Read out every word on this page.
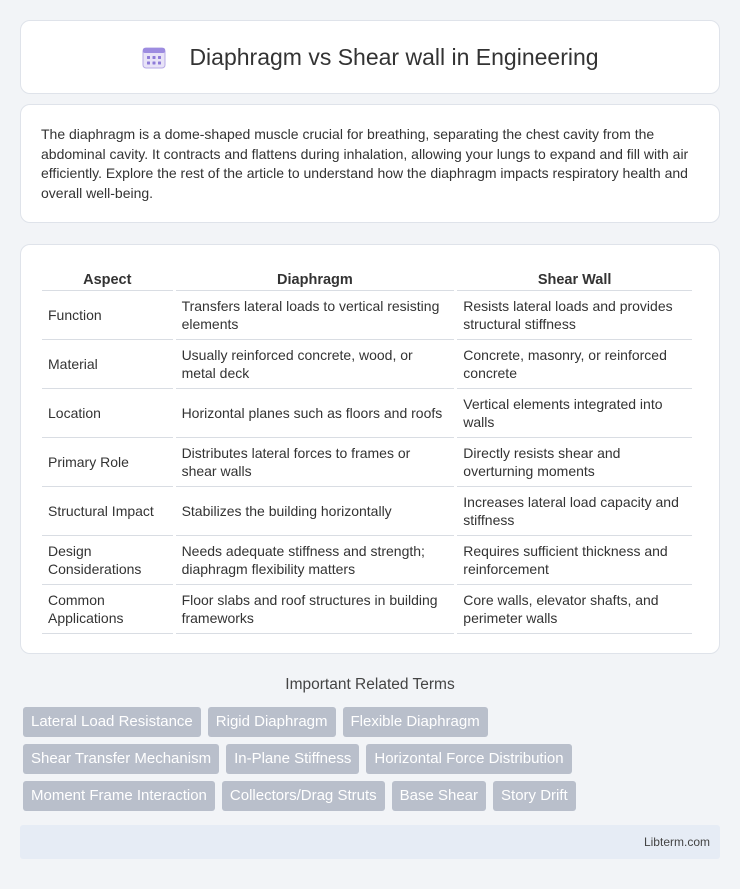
Diaphragm vs Shear wall in Engineering

The diaphragm is a dome-shaped muscle crucial for breathing, separating the chest cavity from the abdominal cavity. It contracts and flattens during inhalation, allowing your lungs to expand and fill with air efficiently. Explore the rest of the article to understand how the diaphragm impacts respiratory health and overall well-being.

Aspect	Diaphragm	Shear Wall
Function	Transfers lateral loads to vertical resisting elements	Resists lateral loads and provides structural stiffness
Material	Usually reinforced concrete, wood, or metal deck	Concrete, masonry, or reinforced concrete
Location	Horizontal planes such as floors and roofs	Vertical elements integrated into walls
Primary Role	Distributes lateral forces to frames or shear walls	Directly resists shear and overturning moments
Structural Impact	Stabilizes the building horizontally	Increases lateral load capacity and stiffness
Design Considerations	Needs adequate stiffness and strength; diaphragm flexibility matters	Requires sufficient thickness and reinforcement
Common Applications	Floor slabs and roof structures in building frameworks	Core walls, elevator shafts, and perimeter walls
Important Related Terms
Lateral Load Resistance	Rigid Diaphragm	Flexible Diaphragm
Shear Transfer Mechanism	In-Plane Stiffness	Horizontal Force Distribution
Moment Frame Interaction	Collectors/Drag Struts	Base Shear	Story Drift
Libterm.com
